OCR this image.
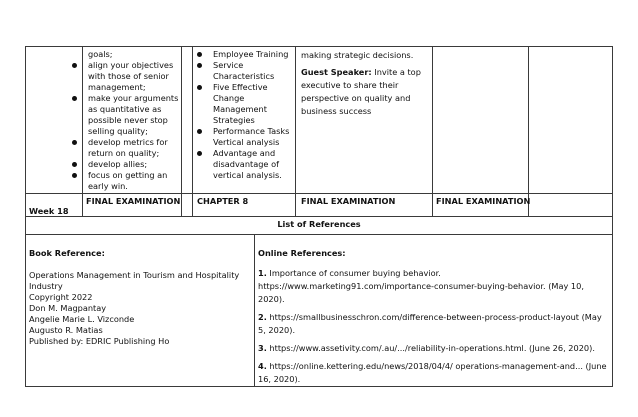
goals;
align your objectives with those of senior management;
make your arguments as quantitative as possible never stop selling quality;
develop metrics for return on quality;
develop allies;
focus on getting an early win.
Employee Training
Service Characteristics
Five Effective Change Management Strategies
Performance Tasks Vertical analysis
Advantage and disadvantage of vertical analysis.
making strategic decisions.
Guest Speaker: Invite a top executive to share their perspective on quality and business success
Week 18
FINAL EXAMINATION CHAPTER 8	FINAL EXAMINATION	FINAL EXAMINATION
List of References
Book Reference:
Operations Management in Tourism and Hospitality Industry
Copyright 2022
Don M. Magpantay
Angelie Marie L. Vizconde
Augusto R. Matias
Published by: EDRIC Publishing Ho
Online References:
1. Importance of consumer buying behavior. https://www.marketing91.com/importance-consumer-buying-behavior. (May 10, 2020).
2. https://smallbusinesschron.com/difference-between-process-product-layout (May 5, 2020).
3. https://www.assetivity.com/.au/.../reliability-in-operations.html. (June 26, 2020).
4. https://online.kettering.edu/news/2018/04/4/ operations-management-and... (June 16, 2020).
